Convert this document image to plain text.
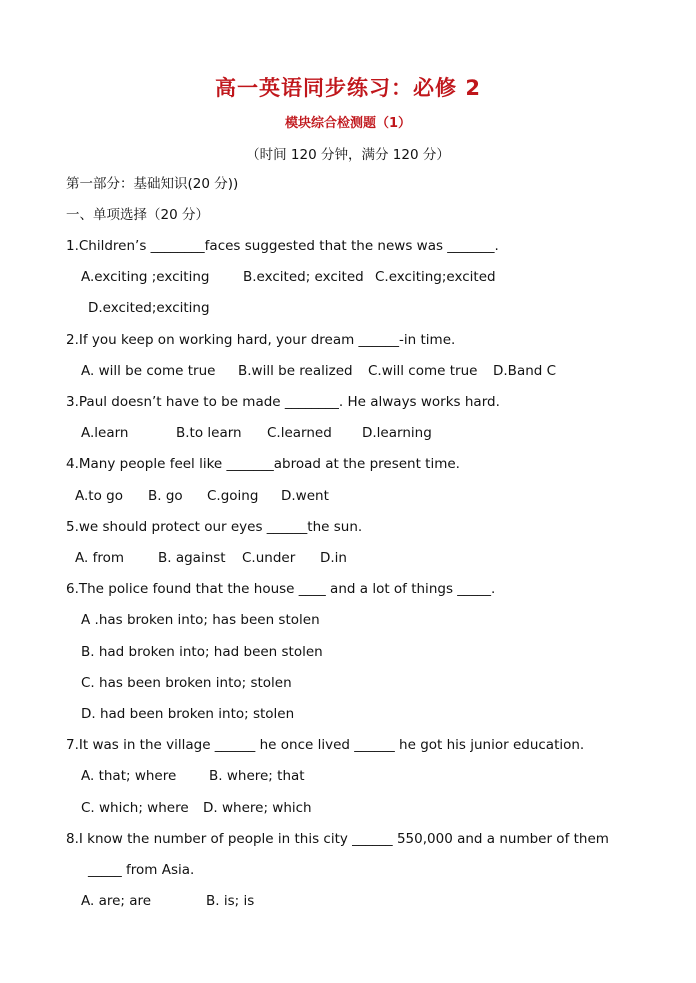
高一英语同步练习：必修 2
模块综合检测题（1）
（时间 120 分钟，满分 120 分）
第一部分：基础知识(20 分))
一、单项选择（20 分）
1.Children’s ________faces suggested that the news was _______.
A.exciting ;exciting B.excited; excited C.exciting;excited
D.excited;exciting
2.If you keep on working hard, your dream ______-in time.
A. will be come true B.will be realized C.will come true D.Band C
3.Paul doesn’t have to be made ________. He always works hard.
A.learn	B.to learn C.learned D.learning
4.Many people feel like _______abroad at the present time.
A.to go B. go C.going D.went
5.we should protect our eyes ______the sun.
A. from	B. against C.under D.in
6.The police found that the house ____ and a lot of things _____.
A .has broken into; has been stolen
B. had broken into; had been stolen
C. has been broken into; stolen
D. had been broken into; stolen
7.It was in the village ______ he once lived ______ he got his junior education.
A. that; where B. where; that
C. which; where D. where; which
8.I know the number of people in this city ______ 550,000 and a number of them
_____ from Asia.
A. are; are	B. is; is
